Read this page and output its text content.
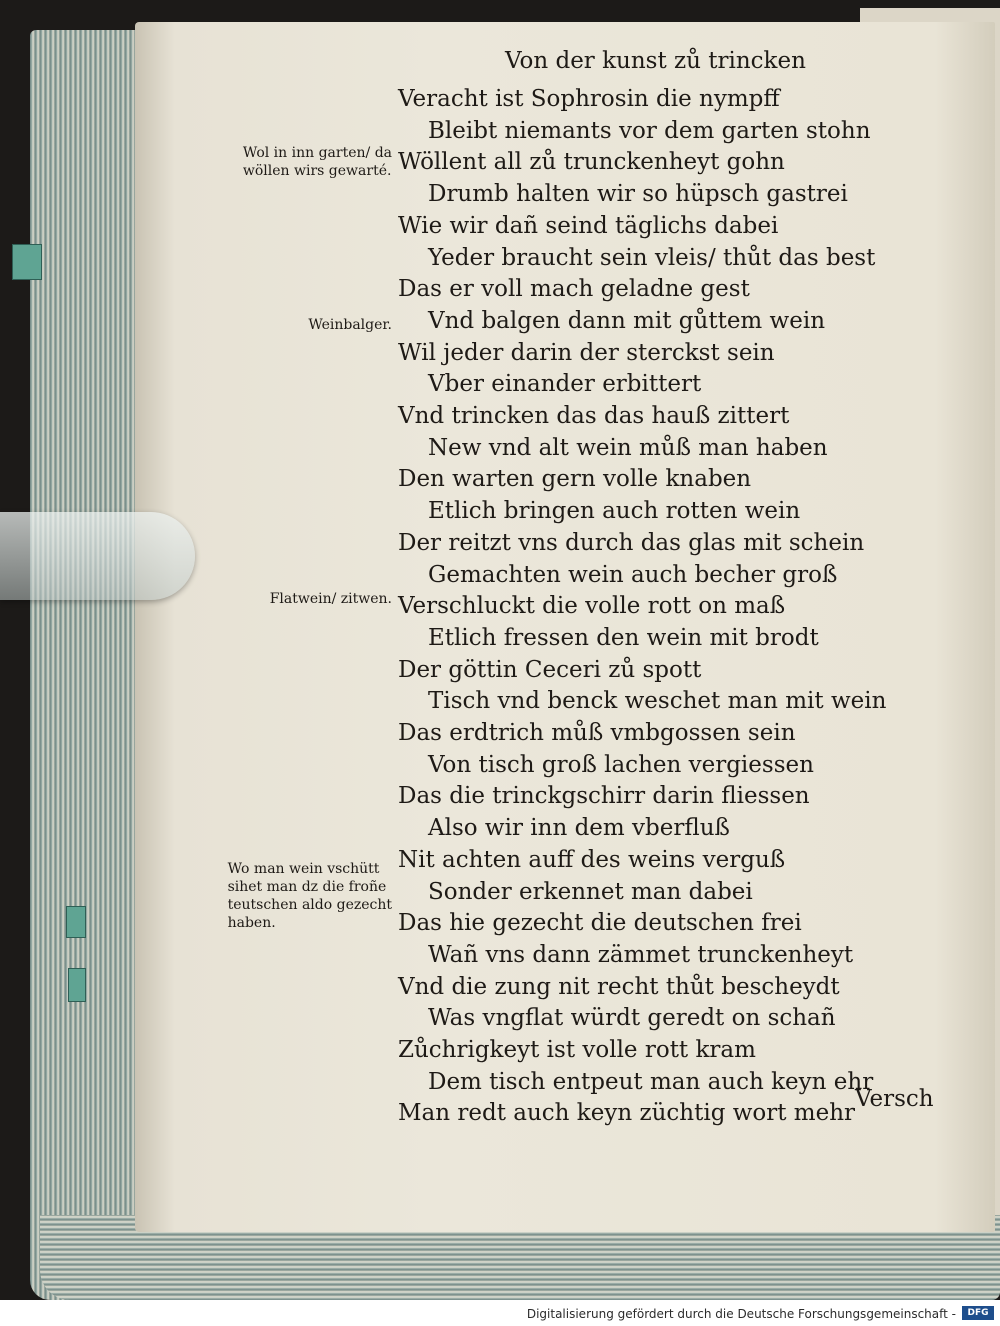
Von der kunst zů trincken
Versch
Veracht ist Sophrosin die nympff
Bleibt niemants vor dem garten stohn
Wöllent all zů trunckenheyt gohn
Drumb halten wir so hüpsch gastrei
Wie wir dañ seind täglichs dabei
Yeder braucht sein vleis/ thůt das best
Das er voll mach geladne gest
Vnd balgen dann mit gůttem wein
Wil jeder darin der sterckst sein
Vber einander erbittert
Vnd trincken das das hauß zittert
New vnd alt wein můß man haben
Den warten gern volle knaben
Etlich bringen auch rotten wein
Der reitzt vns durch das glas mit schein
Gemachten wein auch becher groß
Verschluckt die volle rott on maß
Etlich fressen den wein mit brodt
Der göttin Ceceri zů spott
Tisch vnd benck weschet man mit wein
Das erdtrich můß vmbgossen sein
Von tisch groß lachen vergiessen
Das die trinckgschirr darin fliessen
Also wir inn dem vberfluß
Nit achten auff des weins verguß
Sonder erkennet man dabei
Das hie gezecht die deutschen frei
Wañ vns dann zämmet trunckenheyt
Vnd die zung nit recht thůt bescheydt
Was vngflat würdt geredt on schañ
Zůchrigkeyt ist volle rott kram
Dem tisch entpeut man auch keyn ehr
Man redt auch keyn züchtig wort mehr
Wol in inn garten/ da
wöllen wirs gewarté.
Weinbalger.
Flatwein/ zitwen.
Wo man wein vschütt
sihet man dz die froñe
teutschen aldo gezecht
haben.
Digitalisierung gefördert durch die Deutsche Forschungsgemeinschaft -	DFG
